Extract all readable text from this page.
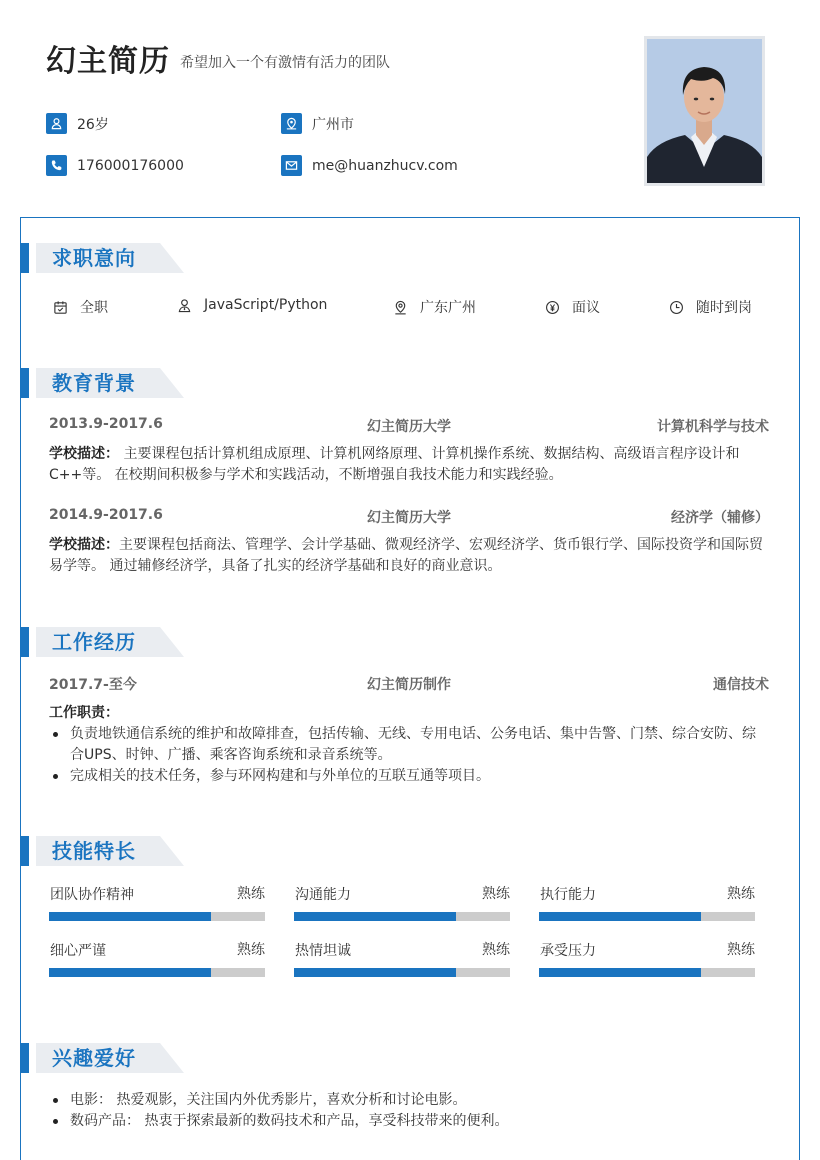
幻主简历 希望加入一个有激情有活力的团队
26岁	广州市
176000176000	me@huanzhucv.com
求职意向
全职	JavaScript/Python	广东广州	面议	随时到岗
教育背景
2013.9-2017.6	幻主简历大学	计算机科学与技术
学校描述： 主要课程包括计算机组成原理、计算机网络原理、计算机操作系统、数据结构、高级语言程序设计和C++等。 在校期间积极参与学术和实践活动，不断增强自我技术能力和实践经验。
2014.9-2017.6	幻主简历大学	经济学（辅修）
学校描述：主要课程包括商法、管理学、会计学基础、微观经济学、宏观经济学、货币银行学、国际投资学和国际贸易学等。 通过辅修经济学，具备了扎实的经济学基础和良好的商业意识。
工作经历
2017.7-至今	幻主简历制作	通信技术
工作职责：
负责地铁通信系统的维护和故障排查，包括传输、无线、专用电话、公务电话、集中告警、门禁、综合安防、综合UPS、时钟、广播、乘客咨询系统和录音系统等。
完成相关的技术任务，参与环网构建和与外单位的互联互通等项目。
技能特长
团队协作精神	熟练 沟通能力	熟练 执行能力	熟练
细心严谨	熟练 热情坦诚	熟练 承受压力	熟练
兴趣爱好
电影： 热爱观影，关注国内外优秀影片，喜欢分析和讨论电影。
数码产品： 热衷于探索最新的数码技术和产品，享受科技带来的便利。
